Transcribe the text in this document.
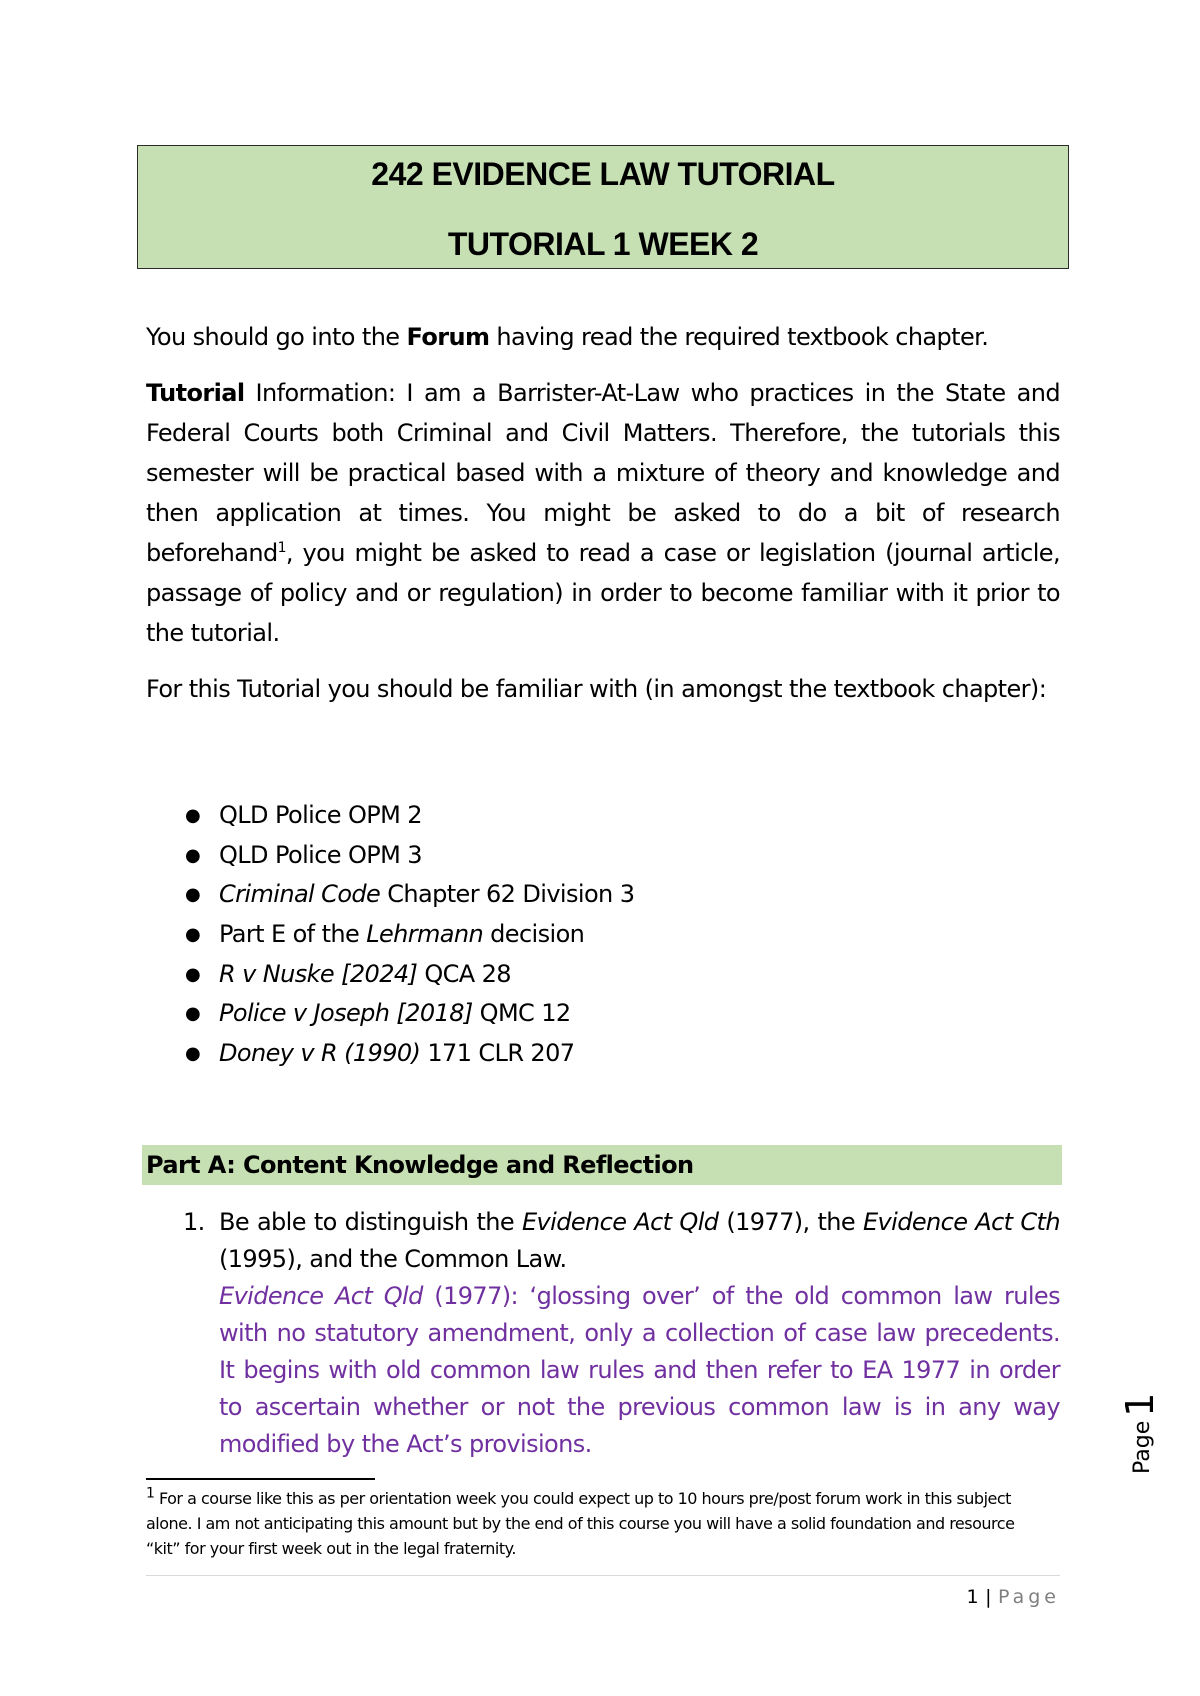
242 EVIDENCE LAW TUTORIAL
TUTORIAL 1 WEEK 2
You should go into the Forum having read the required textbook chapter.
Tutorial Information: I am a Barrister-At-Law who practices in the State and Federal Courts both Criminal and Civil Matters. Therefore, the tutorials this semester will be practical based with a mixture of theory and knowledge and then application at times. You might be asked to do a bit of research beforehand$^1$, you might be asked to read a case or legislation (journal article, passage of policy and or regulation) in order to become familiar with it prior to the tutorial.
For this Tutorial you should be familiar with (in amongst the textbook chapter):
● QLD Police OPM 2
● QLD Police OPM 3
● Criminal Code Chapter 62 Division 3
● Part E of the Lehrmann decision
● R v Nuske [2024] QCA 28
● Police v Joseph [2018] QMC 12
● Doney v R (1990) 171 CLR 207
Part A: Content Knowledge and Reflection
1. Be able to distinguish the Evidence Act Qld (1977), the Evidence Act Cth (1995), and the Common Law.
Evidence Act Qld (1977): ‘glossing over’ of the old common law rules with no statutory amendment, only a collection of case law precedents. It begins with old common law rules and then refer to EA 1977 in order to ascertain whether or not the previous common law is in any way modified by the Act’s provisions.
$^1$ For a course like this as per orientation week you could expect up to 10 hours pre/post forum work in this subject alone. I am not anticipating this amount but by the end of this course you will have a solid foundation and resource “kit” for your first week out in the legal fraternity.
1 | Page
Page1
